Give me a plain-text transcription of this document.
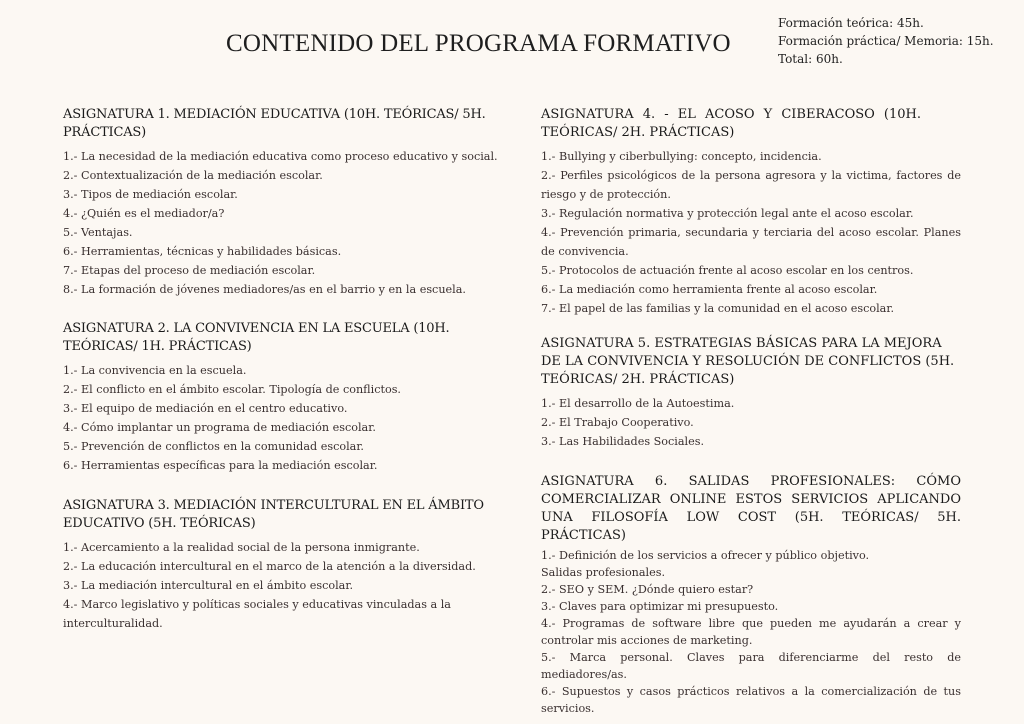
CONTENIDO DEL PROGRAMA FORMATIVO
Formación teórica: 45h.
Formación práctica/ Memoria: 15h.
Total: 60h.
ASIGNATURA 1. MEDIACIÓN EDUCATIVA (10H. TEÓRICAS/ 5H. PRÁCTICAS)
1.- La necesidad de la mediación educativa como proceso educativo y social.
2.- Contextualización de la mediación escolar.
3.- Tipos de mediación escolar.
4.- ¿Quién es el mediador/a?
5.- Ventajas.
6.- Herramientas, técnicas y habilidades básicas.
7.- Etapas del proceso de mediación escolar.
8.- La formación de jóvenes mediadores/as en el barrio y en la escuela.
ASIGNATURA 2. LA CONVIVENCIA EN LA ESCUELA (10H. TEÓRICAS/ 1H. PRÁCTICAS)
1.- La convivencia en la escuela.
2.- El conflicto en el ámbito escolar. Tipología de conflictos.
3.- El equipo de mediación en el centro educativo.
4.- Cómo implantar un programa de mediación escolar.
5.- Prevención de conflictos en la comunidad escolar.
6.- Herramientas específicas para la mediación escolar.
ASIGNATURA 3. MEDIACIÓN INTERCULTURAL EN EL ÁMBITO EDUCATIVO (5H. TEÓRICAS)
1.- Acercamiento a la realidad social de la persona inmigrante.
2.- La educación intercultural en el marco de la atención a la diversidad.
3.- La mediación intercultural en el ámbito escolar.
4.- Marco legislativo y políticas sociales y educativas vinculadas a la interculturalidad.
ASIGNATURA 4. - EL ACOSO Y CIBERACOSO (10H. TEÓRICAS/ 2H. PRÁCTICAS)
1.- Bullying y ciberbullying: concepto, incidencia.
2.- Perfiles psicológicos de la persona agresora y la victima, factores de riesgo y de protección.
3.- Regulación normativa y protección legal ante el acoso escolar.
4.- Prevención primaria, secundaria y terciaria del acoso escolar. Planes de convivencia.
5.- Protocolos de actuación frente al acoso escolar en los centros.
6.- La mediación como herramienta frente al acoso escolar.
7.- El papel de las familias y la comunidad en el acoso escolar.
ASIGNATURA 5. ESTRATEGIAS BÁSICAS PARA LA MEJORA DE LA CONVIVENCIA Y RESOLUCIÓN DE CONFLICTOS (5H. TEÓRICAS/ 2H. PRÁCTICAS)
1.- El desarrollo de la Autoestima.
2.- El Trabajo Cooperativo.
3.- Las Habilidades Sociales.
ASIGNATURA 6. SALIDAS PROFESIONALES: CÓMO COMERCIALIZAR ONLINE ESTOS SERVICIOS APLICANDO UNA FILOSOFÍA LOW COST (5H. TEÓRICAS/ 5H. PRÁCTICAS)
1.- Definición de los servicios a ofrecer y público objetivo.
Salidas profesionales.
2.- SEO y SEM. ¿Dónde quiero estar?
3.- Claves para optimizar mi presupuesto.
4.- Programas de software libre que pueden me ayudarán a crear y controlar mis acciones de marketing.
5.- Marca personal. Claves para diferenciarme del resto de mediadores/as.
6.- Supuestos y casos prácticos relativos a la comercialización de tus servicios.
